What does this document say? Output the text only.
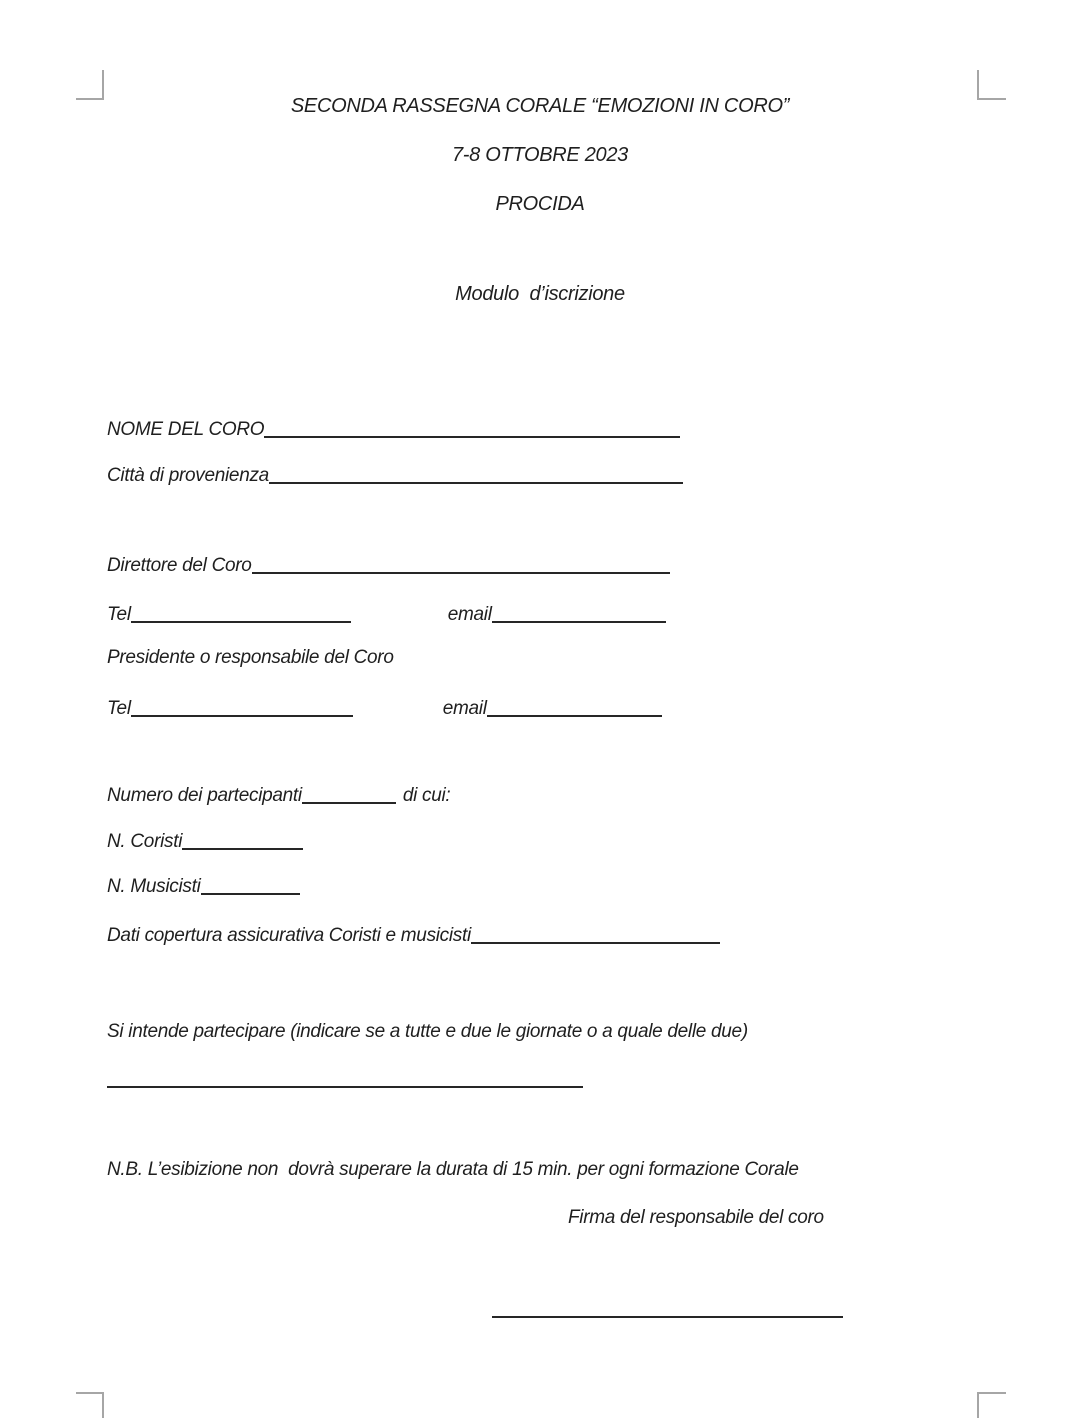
SECONDA RASSEGNA CORALE “EMOZIONI IN CORO”
7-8 OTTOBRE 2023
PROCIDA
Modulo  d’iscrizione
NOME DEL CORO
Città di provenienza
Direttore del Coro
Tel	email
Presidente o responsabile del Coro
Tel	email
Numero dei partecipanti	di cui:
N. Coristi
N. Musicisti
Dati copertura assicurativa Coristi e musicisti
Si intende partecipare (indicare se a tutte e due le giornate o a quale delle due)
N.B. L’esibizione non  dovrà superare la durata di 15 min. per ogni formazione Corale
Firma del responsabile del coro
